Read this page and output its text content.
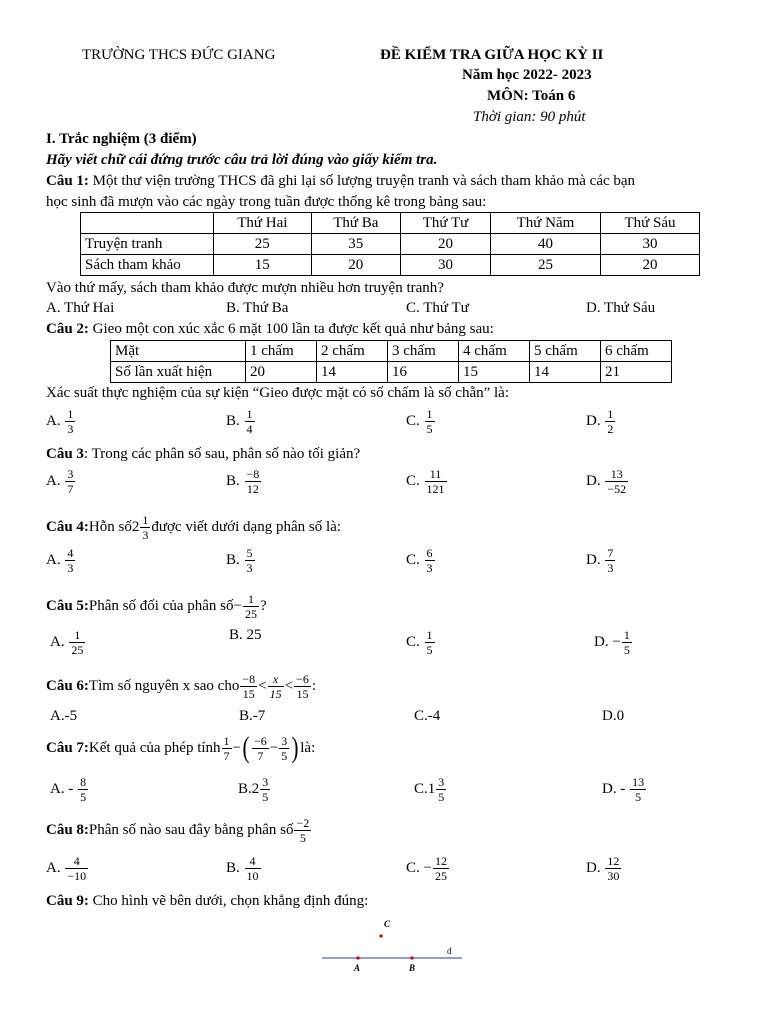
TRƯỜNG THCS ĐỨC GIANG	ĐỀ KIỂM TRA GIỮA HỌC KỲ II
Năm học 2022- 2023
MÔN: Toán 6
Thời gian: 90 phút
I. Trắc nghiệm (3 điểm)
Hãy viết chữ cái đứng trước câu trả lời đúng vào giấy kiểm tra.
Câu 1: Một thư viện trường THCS đã ghi lại số lượng truyện tranh và sách tham khảo mà các bạn
học sinh đã mượn vào các ngày trong tuần được thống kê trong bảng sau:
	Thứ Hai	Thứ Ba	Thứ Tư	Thứ Năm	Thứ Sáu
Truyện tranh	25	35	20	40	30
Sách tham khảo	15	20	30	25	20
Vào thứ mấy, sách tham khảo được mượn nhiều hơn truyện tranh?
A. Thứ Hai	B. Thứ Ba	C. Thứ Tư	D. Thứ Sáu
Câu 2: Gieo một con xúc xắc 6 mặt 100 lần ta được kết quả như bảng sau:
Mặt	1 chấm	2 chấm	3 chấm	4 chấm	5 chấm	6 chấm
Số lần xuất hiện	20	14	16	15	14	21
Xác suất thực nghiệm của sự kiện “Gieo được mặt có số chấm là số chẵn” là:
A. $\frac{1}{3}$	B. $\frac{1}{4}$	C. $\frac{1}{5}$	D. $\frac{1}{2}$
Câu 3: Trong các phân số sau, phân số nào tối giản?
A. $\frac{3}{7}$	B. $\frac{-8}{12}$	C. $\frac{11}{121}$	D. $\frac{13}{-52}$
Câu 4:Hỗn số2 $\frac{1}{3}$ được viết dưới dạng phân số là:
A. $\frac{4}{3}$	B. $\frac{5}{3}$	C. $\frac{6}{3}$	D. $\frac{7}{3}$
Câu 5:Phân số đối của phân số− $\frac{1}{25}$ ?
A. $\frac{1}{25}$	B. 25	C. $\frac{1}{5}$	D. − $\frac{1}{5}$
Câu 6:Tìm số nguyên x sao cho $\frac{-8}{15} < \frac{x}{15} < \frac{-6}{15}$ :
A.-5	B.-7	C.-4	D.0
Câu 7:Kết quả của phép tính $\frac{1}{7}$ −( $\frac{-6}{7} - \frac{3}{5}$ ) là:
A. - $\frac{8}{5}$	$B.2 \frac{3}{5}$	$C.1 \frac{3}{5}$	D. - $\frac{13}{5}$
Câu 8:Phân số nào sau đây bằng phân số $\frac{-2}{5}$
A. $\frac{4}{-10}$	B. $\frac{4}{10}$	C. − $\frac{12}{25}$	D. $\frac{12}{30}$
Câu 9: Cho hình vẽ bên dưới, chọn khẳng định đúng:
C
A	B
d
